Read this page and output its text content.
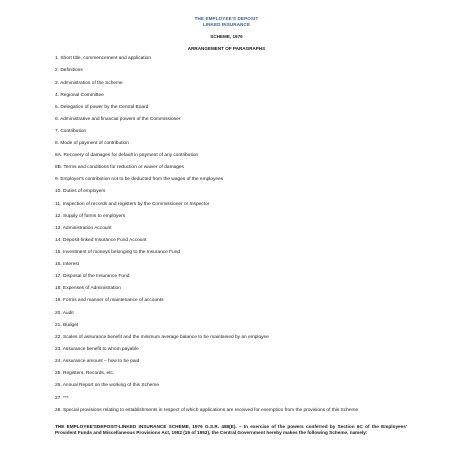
THE EMPLOYEE'S DEPOSIT
LINKED INSURANCE
SCHEME, 1976
ARRANGEMENT OF PARAGRAPHS
1. Short title, commencement and application
2. Definitions
3. Administration of the Scheme
4. Regional Committee
5. Delegation of power by the Central Board
6. Administrative and financial powers of the Commissioner
7. Contribution
8. Mode of payment of contribution
8A. Recovery of damages for default in payment of any contribution
8B. Terms and conditions for reduction or waiver of damages
9. Employer's contribution not to be deducted from the wages of the employees
10. Duties of employers
11. Inspection of records and registers by the Commissioner or Inspector
12. Supply of forms to employers
13. Administration Account
14. Deposit-linked Insurance Fund Account
15. Investment of moneys belonging to the Insurance Fund
16. Interest
17. Disposal of the Insurance Fund
18. Expenses of Administration
19. Forms and manner of maintenance of accounts
20. Audit
21. Budget
22. Scales of assurance benefit and the minimum average balance to be maintained by an employee
23. Assurance benefit to whom payable
24. Assurance amount – how to be paid
25. Registers, Records, etc.
26. Annual Report on the working of this Scheme
27. ***
28. Special provisions relating to establishments in respect of which applications are received for exemption from the provisions of this Scheme
THE EMPLOYEE'SDEPOSIT-LINKED INSURANCE SCHEME, 1976 G.S.R. 488(E). – In exercise of the powers conferred by Section 6C of the Employees' Provident Funds and Miscellaneous Provisions Act, 1952 (19 of 1952), the Central Government hereby makes the following Scheme, namely:
